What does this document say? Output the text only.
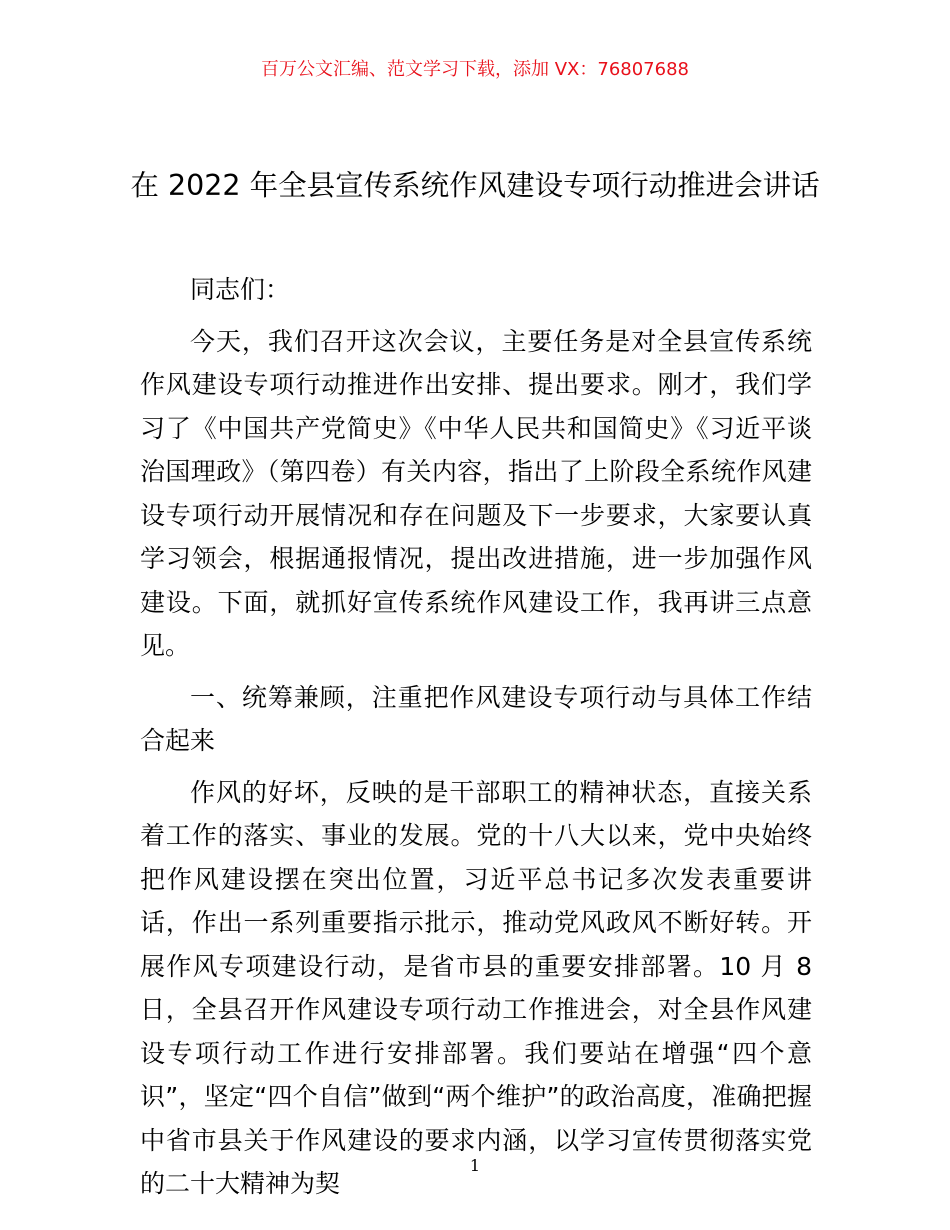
百万公文汇编、范文学习下载，添加 VX：76807688
在 2022 年全县宣传系统作风建设专项行动推进会讲话

同志们：

今天，我们召开这次会议，主要任务是对全县宣传系统作风建设专项行动推进作出安排、提出要求。刚才，我们学习了《中国共产党简史》《中华人民共和国简史》《习近平谈治国理政》（第四卷）有关内容，指出了上阶段全系统作风建设专项行动开展情况和存在问题及下一步要求，大家要认真学习领会，根据通报情况，提出改进措施，进一步加强作风建设。下面，就抓好宣传系统作风建设工作，我再讲三点意见。

一、统筹兼顾，注重把作风建设专项行动与具体工作结合起来

作风的好坏，反映的是干部职工的精神状态，直接关系着工作的落实、事业的发展。党的十八大以来，党中央始终把作风建设摆在突出位置，习近平总书记多次发表重要讲话，作出一系列重要指示批示，推动党风政风不断好转。开展作风专项建设行动，是省市县的重要安排部署。10 月 8 日，全县召开作风建设专项行动工作推进会，对全县作风建设专项行动工作进行安排部署。我们要站在增强“四个意识”，坚定“四个自信”做到“两个维护”的政治高度，准确把握中省市县关于作风建设的要求内涵，以学习宣传贯彻落实党的二十大精神为契

1
